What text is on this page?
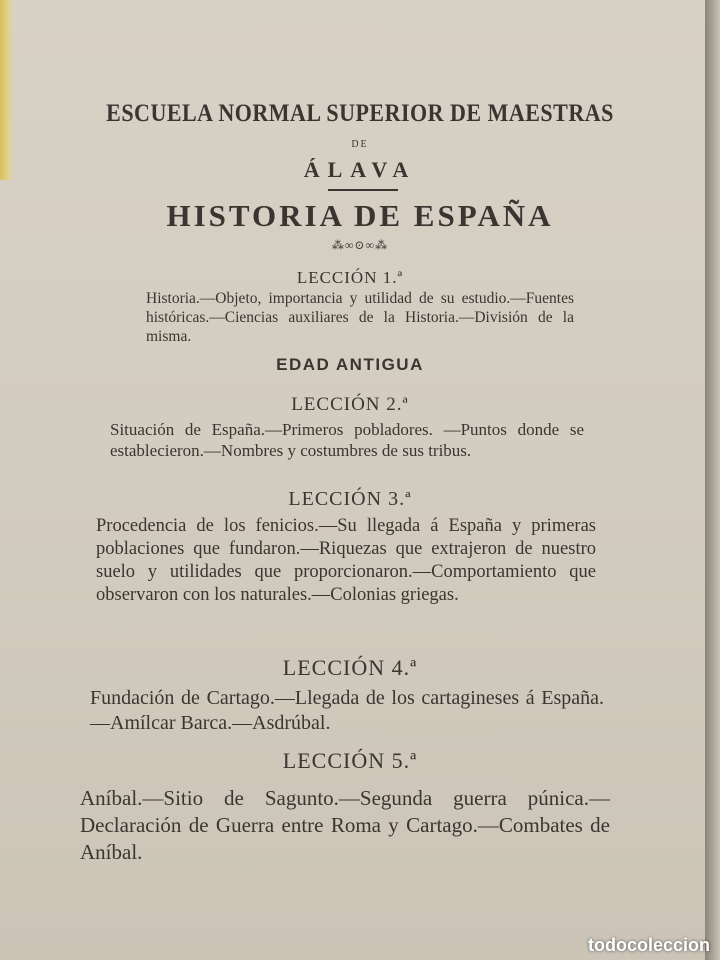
ESCUELA NORMAL SUPERIOR DE MAESTRAS

DE

ÁLAVA

HISTORIA DE ESPAÑA

⁂∞⊙∞⁂

LECCIÓN 1.ª

Historia.—Objeto, importancia y utilidad de su estudio.—Fuentes históricas.—Ciencias auxiliares de la Historia.—División de la misma.

EDAD ANTIGUA

LECCIÓN 2.ª

Situación de España.—Primeros pobladores. —Puntos donde se establecieron.—Nombres y costumbres de sus tribus.

LECCIÓN 3.ª

Procedencia de los fenicios.—Su llegada á España y primeras poblaciones que fundaron.—Riquezas que extrajeron de nuestro suelo y utilidades que proporcionaron.—Comportamiento que observaron con los naturales.—Colonias griegas.

LECCIÓN 4.ª

Fundación de Cartago.—Llegada de los cartagineses á España.—Amílcar Barca.—Asdrúbal.

LECCIÓN 5.ª

Aníbal.—Sitio de Sagunto.—Segunda guerra púnica.—Declaración de Guerra entre Roma y Cartago.—Combates de Aníbal.

todocoleccion
